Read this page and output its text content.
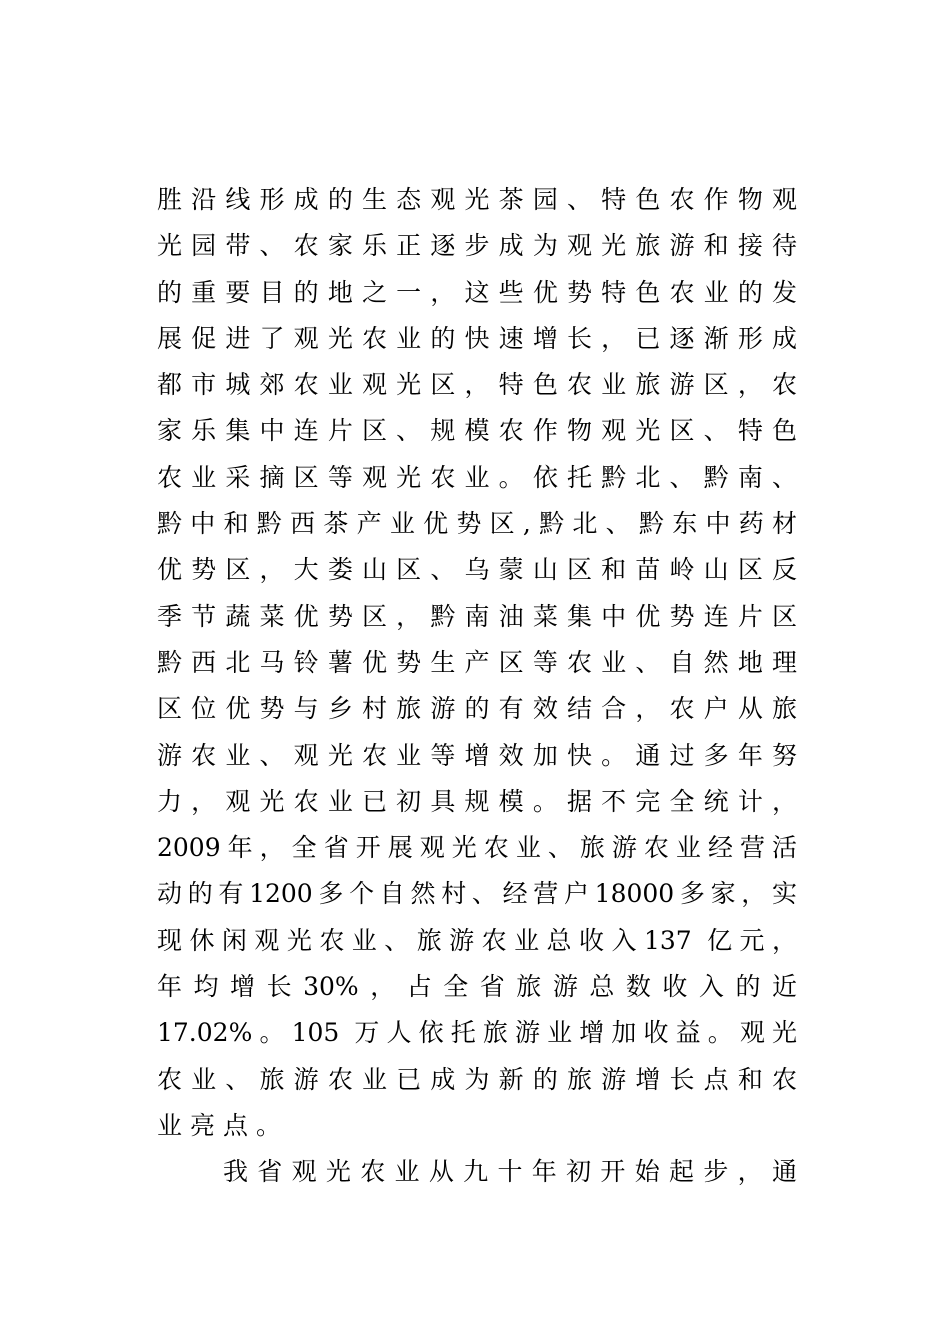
胜沿线形成的生态观光茶园、特色农作物观
光园带、农家乐正逐步成为观光旅游和接待
的重要目的地之一，这些优势特色农业的发
展促进了观光农业的快速增长，已逐渐形成
都市城郊农业观光区，特色农业旅游区，农
家乐集中连片区、规模农作物观光区、特色
农业采摘区等观光农业。依托黔北、黔南、
黔中和黔西茶产业优势区,黔北、黔东中药材
优势区，大娄山区、乌蒙山区和苗岭山区反
季节蔬菜优势区，黔南油菜集中优势连片区
黔西北马铃薯优势生产区等农业、自然地理
区位优势与乡村旅游的有效结合，农户从旅
游农业、观光农业等增效加快。通过多年努
力，观光农业已初具规模。据不完全统计，
2009年，全省开展观光农业、旅游农业经营活
动的有1200多个自然村、经营户18000多家，实
现休闲观光农业、旅游农业总收入137 亿元，
年均增长30%，占全省旅游总数收入的近
17.02%。105 万人依托旅游业增加收益。观光
农业、旅游农业已成为新的旅游增长点和农
业亮点。
我省观光农业从九十年初开始起步，通
